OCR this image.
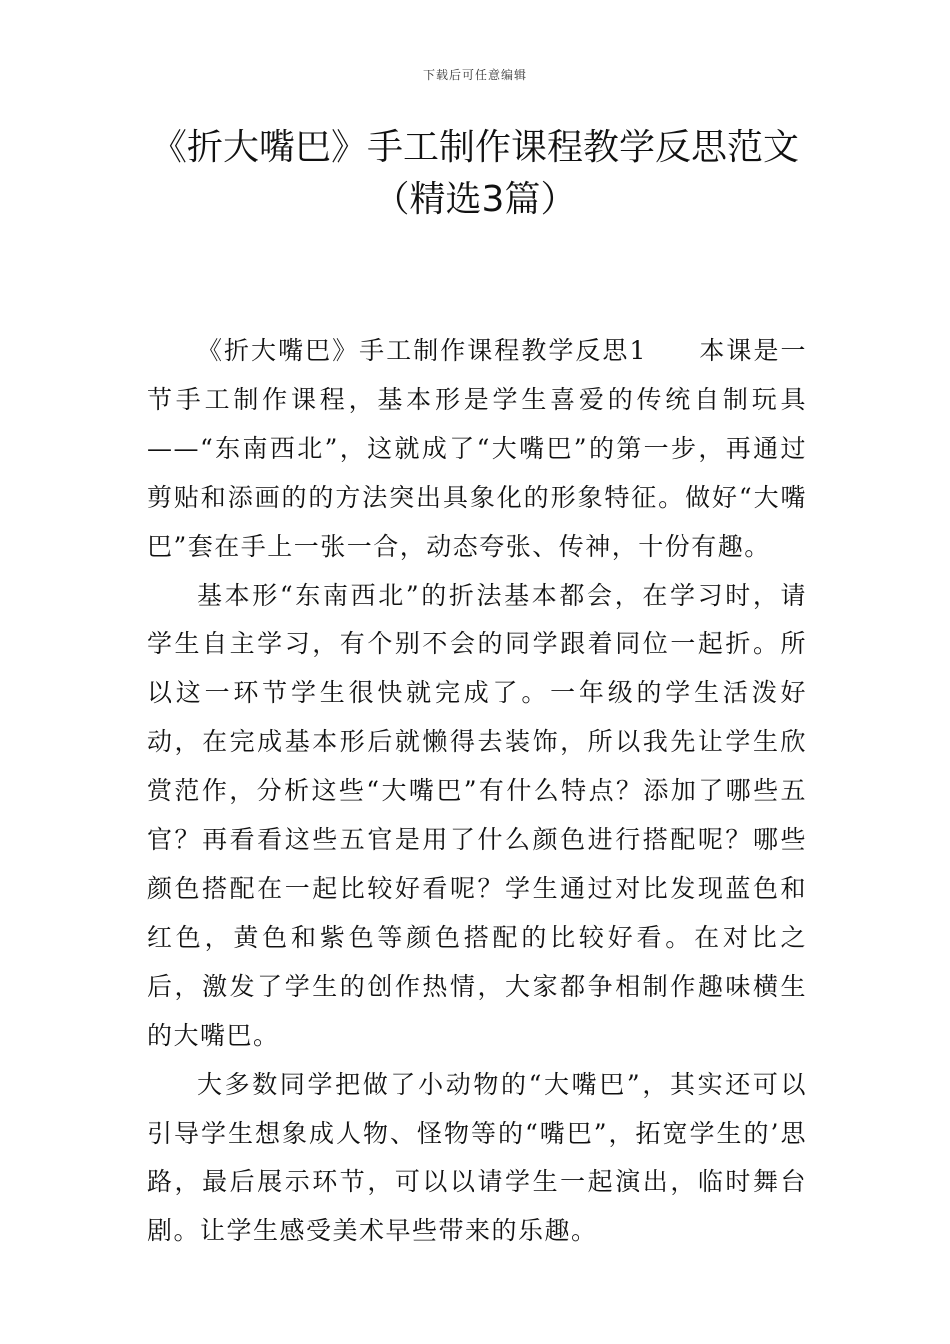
下载后可任意编辑
《折大嘴巴》手工制作课程教学反思范文
（精选3篇）

《折大嘴巴》手工制作课程教学反思1 本课是一节手工制作课程，基本形是学生喜爱的传统自制玩具——“东南西北”，这就成了“大嘴巴”的第一步，再通过剪贴和添画的的方法突出具象化的形象特征。做好“大嘴巴”套在手上一张一合，动态夸张、传神，十份有趣。

基本形“东南西北”的折法基本都会，在学习时，请学生自主学习，有个别不会的同学跟着同位一起折。所以这一环节学生很快就完成了。一年级的学生活泼好动，在完成基本形后就懒得去装饰，所以我先让学生欣赏范作，分析这些“大嘴巴”有什么特点？添加了哪些五官？再看看这些五官是用了什么颜色进行搭配呢？哪些颜色搭配在一起比较好看呢？学生通过对比发现蓝色和红色，黄色和紫色等颜色搭配的比较好看。在对比之后，激发了学生的创作热情，大家都争相制作趣味横生的大嘴巴。

大多数同学把做了小动物的“大嘴巴”，其实还可以引导学生想象成人物、怪物等的“嘴巴”，拓宽学生的’思路，最后展示环节，可以以请学生一起演出，临时舞台剧。让学生感受美术早些带来的乐趣。
